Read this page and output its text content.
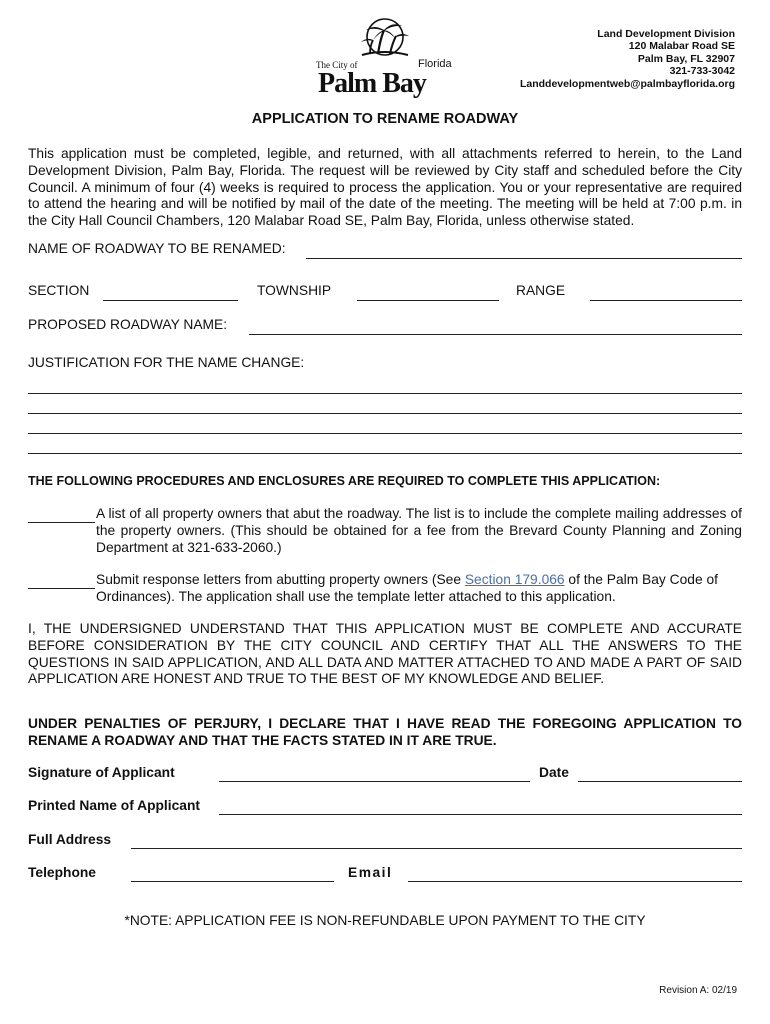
The City of	Florida
Palm Bay
Land Development Division
120 Malabar Road SE
Palm Bay, FL 32907
321-733-3042
Landdevelopmentweb@palmbayflorida.org
APPLICATION TO RENAME ROADWAY
This application must be completed, legible, and returned, with all attachments referred to herein, to the Land Development Division, Palm Bay, Florida. The request will be reviewed by City staff and scheduled before the City Council. A minimum of four (4) weeks is required to process the application. You or your representative are required to attend the hearing and will be notified by mail of the date of the meeting. The meeting will be held at 7:00 p.m. in the City Hall Council Chambers, 120 Malabar Road SE, Palm Bay, Florida, unless otherwise stated.
NAME OF ROADWAY TO BE RENAMED:
SECTION	TOWNSHIP	RANGE
PROPOSED ROADWAY NAME:
JUSTIFICATION FOR THE NAME CHANGE:
THE FOLLOWING PROCEDURES AND ENCLOSURES ARE REQUIRED TO COMPLETE THIS APPLICATION:
A list of all property owners that abut the roadway. The list is to include the complete mailing addresses of the property owners. (This should be obtained for a fee from the Brevard County Planning and Zoning Department at 321-633-2060.)
Submit response letters from abutting property owners (See Section 179.066 of the Palm Bay Code of Ordinances). The application shall use the template letter attached to this application.
I, THE UNDERSIGNED UNDERSTAND THAT THIS APPLICATION MUST BE COMPLETE AND ACCURATE BEFORE CONSIDERATION BY THE CITY COUNCIL AND CERTIFY THAT ALL THE ANSWERS TO THE QUESTIONS IN SAID APPLICATION, AND ALL DATA AND MATTER ATTACHED TO AND MADE A PART OF SAID APPLICATION ARE HONEST AND TRUE TO THE BEST OF MY KNOWLEDGE AND BELIEF.
UNDER PENALTIES OF PERJURY, I DECLARE THAT I HAVE READ THE FOREGOING APPLICATION TO RENAME A ROADWAY AND THAT THE FACTS STATED IN IT ARE TRUE.
Signature of Applicant	Date
Printed Name of Applicant
Full Address
Telephone	Email
*NOTE: APPLICATION FEE IS NON-REFUNDABLE UPON PAYMENT TO THE CITY
Revision A: 02/19
